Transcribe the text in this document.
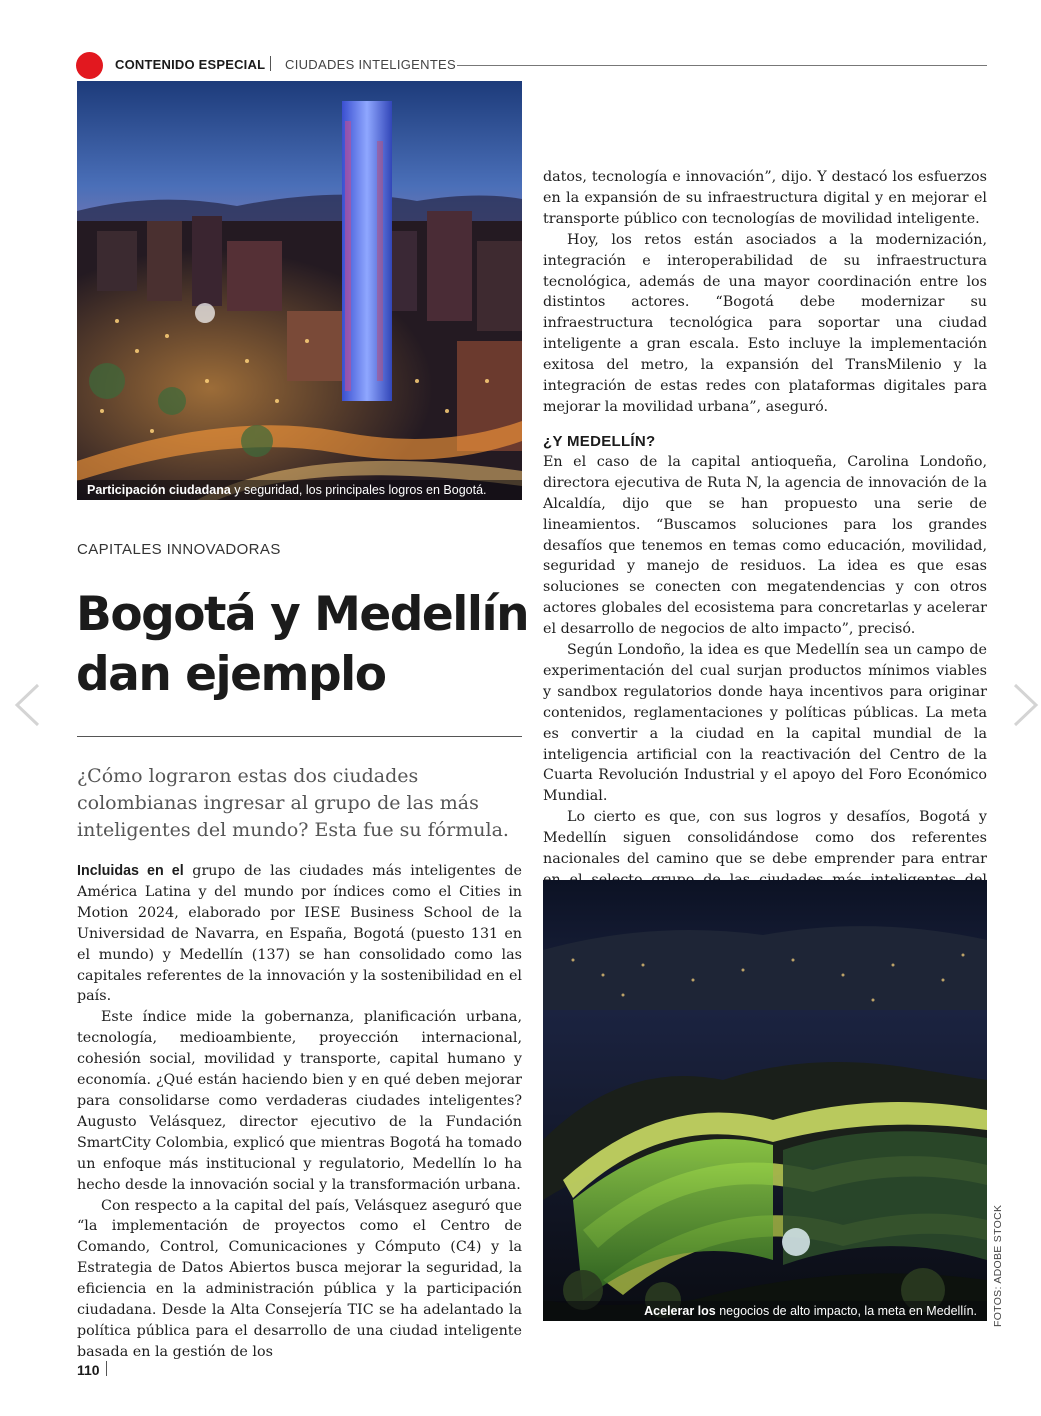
CONTENIDO ESPECIAL CIUDADES INTELIGENTES
Participación ciudadana y seguridad, los principales logros en Bogotá.
CAPITALES INNOVADORAS
Bogotá y Medellín dan ejemplo

¿Cómo lograron estas dos ciudades colombianas ingresar al grupo de las más inteligentes del mundo? Esta fue su fórmula.

Incluidas en el grupo de las ciudades más inteligentes de América Latina y del mundo por índices como el Cities in Motion 2024, elaborado por IESE Business School de la Universidad de Navarra, en España, Bogotá (puesto 131 en el mundo) y Medellín (137) se han consolidado como las capitales referentes de la innovación y la sostenibilidad en el país.

Este índice mide la gobernanza, planificación urbana, tecnología, medioambiente, proyección internacional, cohesión social, movilidad y transporte, capital humano y economía. ¿Qué están haciendo bien y en qué deben mejorar para consolidarse como verdaderas ciudades inteligentes? Augusto Velásquez, director ejecutivo de la Fundación SmartCity Colombia, explicó que mientras Bogotá ha tomado un enfoque más institucional y regulatorio, Medellín lo ha hecho desde la innovación social y la transformación urbana.

Con respecto a la capital del país, Velásquez aseguró que “la implementación de proyectos como el Centro de Comando, Control, Comunicaciones y Cómputo (C4) y la Estrategia de Datos Abiertos busca mejorar la seguridad, la eficiencia en la administración pública y la participación ciudadana. Desde la Alta Consejería TIC se ha adelantado la política pública para el desarrollo de una ciudad inteligente basada en la gestión de los

datos, tecnología e innovación”, dijo. Y destacó los esfuerzos en la expansión de su infraestructura digital y en mejorar el transporte público con tecnologías de movilidad inteligente.

Hoy, los retos están asociados a la modernización, integración e interoperabilidad de su infraestructura tecnológica, además de una mayor coordinación entre los distintos actores. “Bogotá debe modernizar su infraestructura tecnológica para soportar una ciudad inteligente a gran escala. Esto incluye la implementación exitosa del metro, la expansión del TransMilenio y la integración de estas redes con plataformas digitales para mejorar la movilidad urbana”, aseguró.

¿Y MEDELLÍN?

En el caso de la capital antioqueña, Carolina Londoño, directora ejecutiva de Ruta N, la agencia de innovación de la Alcaldía, dijo que se han propuesto una serie de lineamientos. “Buscamos soluciones para los grandes desafíos que tenemos en temas como educación, movilidad, seguridad y manejo de residuos. La idea es que esas soluciones se conecten con megatendencias y con otros actores globales del ecosistema para concretarlas y acelerar el desarrollo de negocios de alto impacto”, precisó.

Según Londoño, la idea es que Medellín sea un campo de experimentación del cual surjan productos mínimos viables y sandbox regulatorios donde haya incentivos para originar contenidos, reglamentaciones y políticas públicas. La meta es convertir a la ciudad en la capital mundial de la inteligencia artificial con la reactivación del Centro de la Cuarta Revolución Industrial y el apoyo del Foro Económico Mundial.

Lo cierto es que, con sus logros y desafíos, Bogotá y Medellín siguen consolidándose como dos referentes nacionales del camino que se debe emprender para entrar

Acelerar los negocios de alto impacto, la meta en Medellín.	FOTOS: ADOBE STOCK
110
